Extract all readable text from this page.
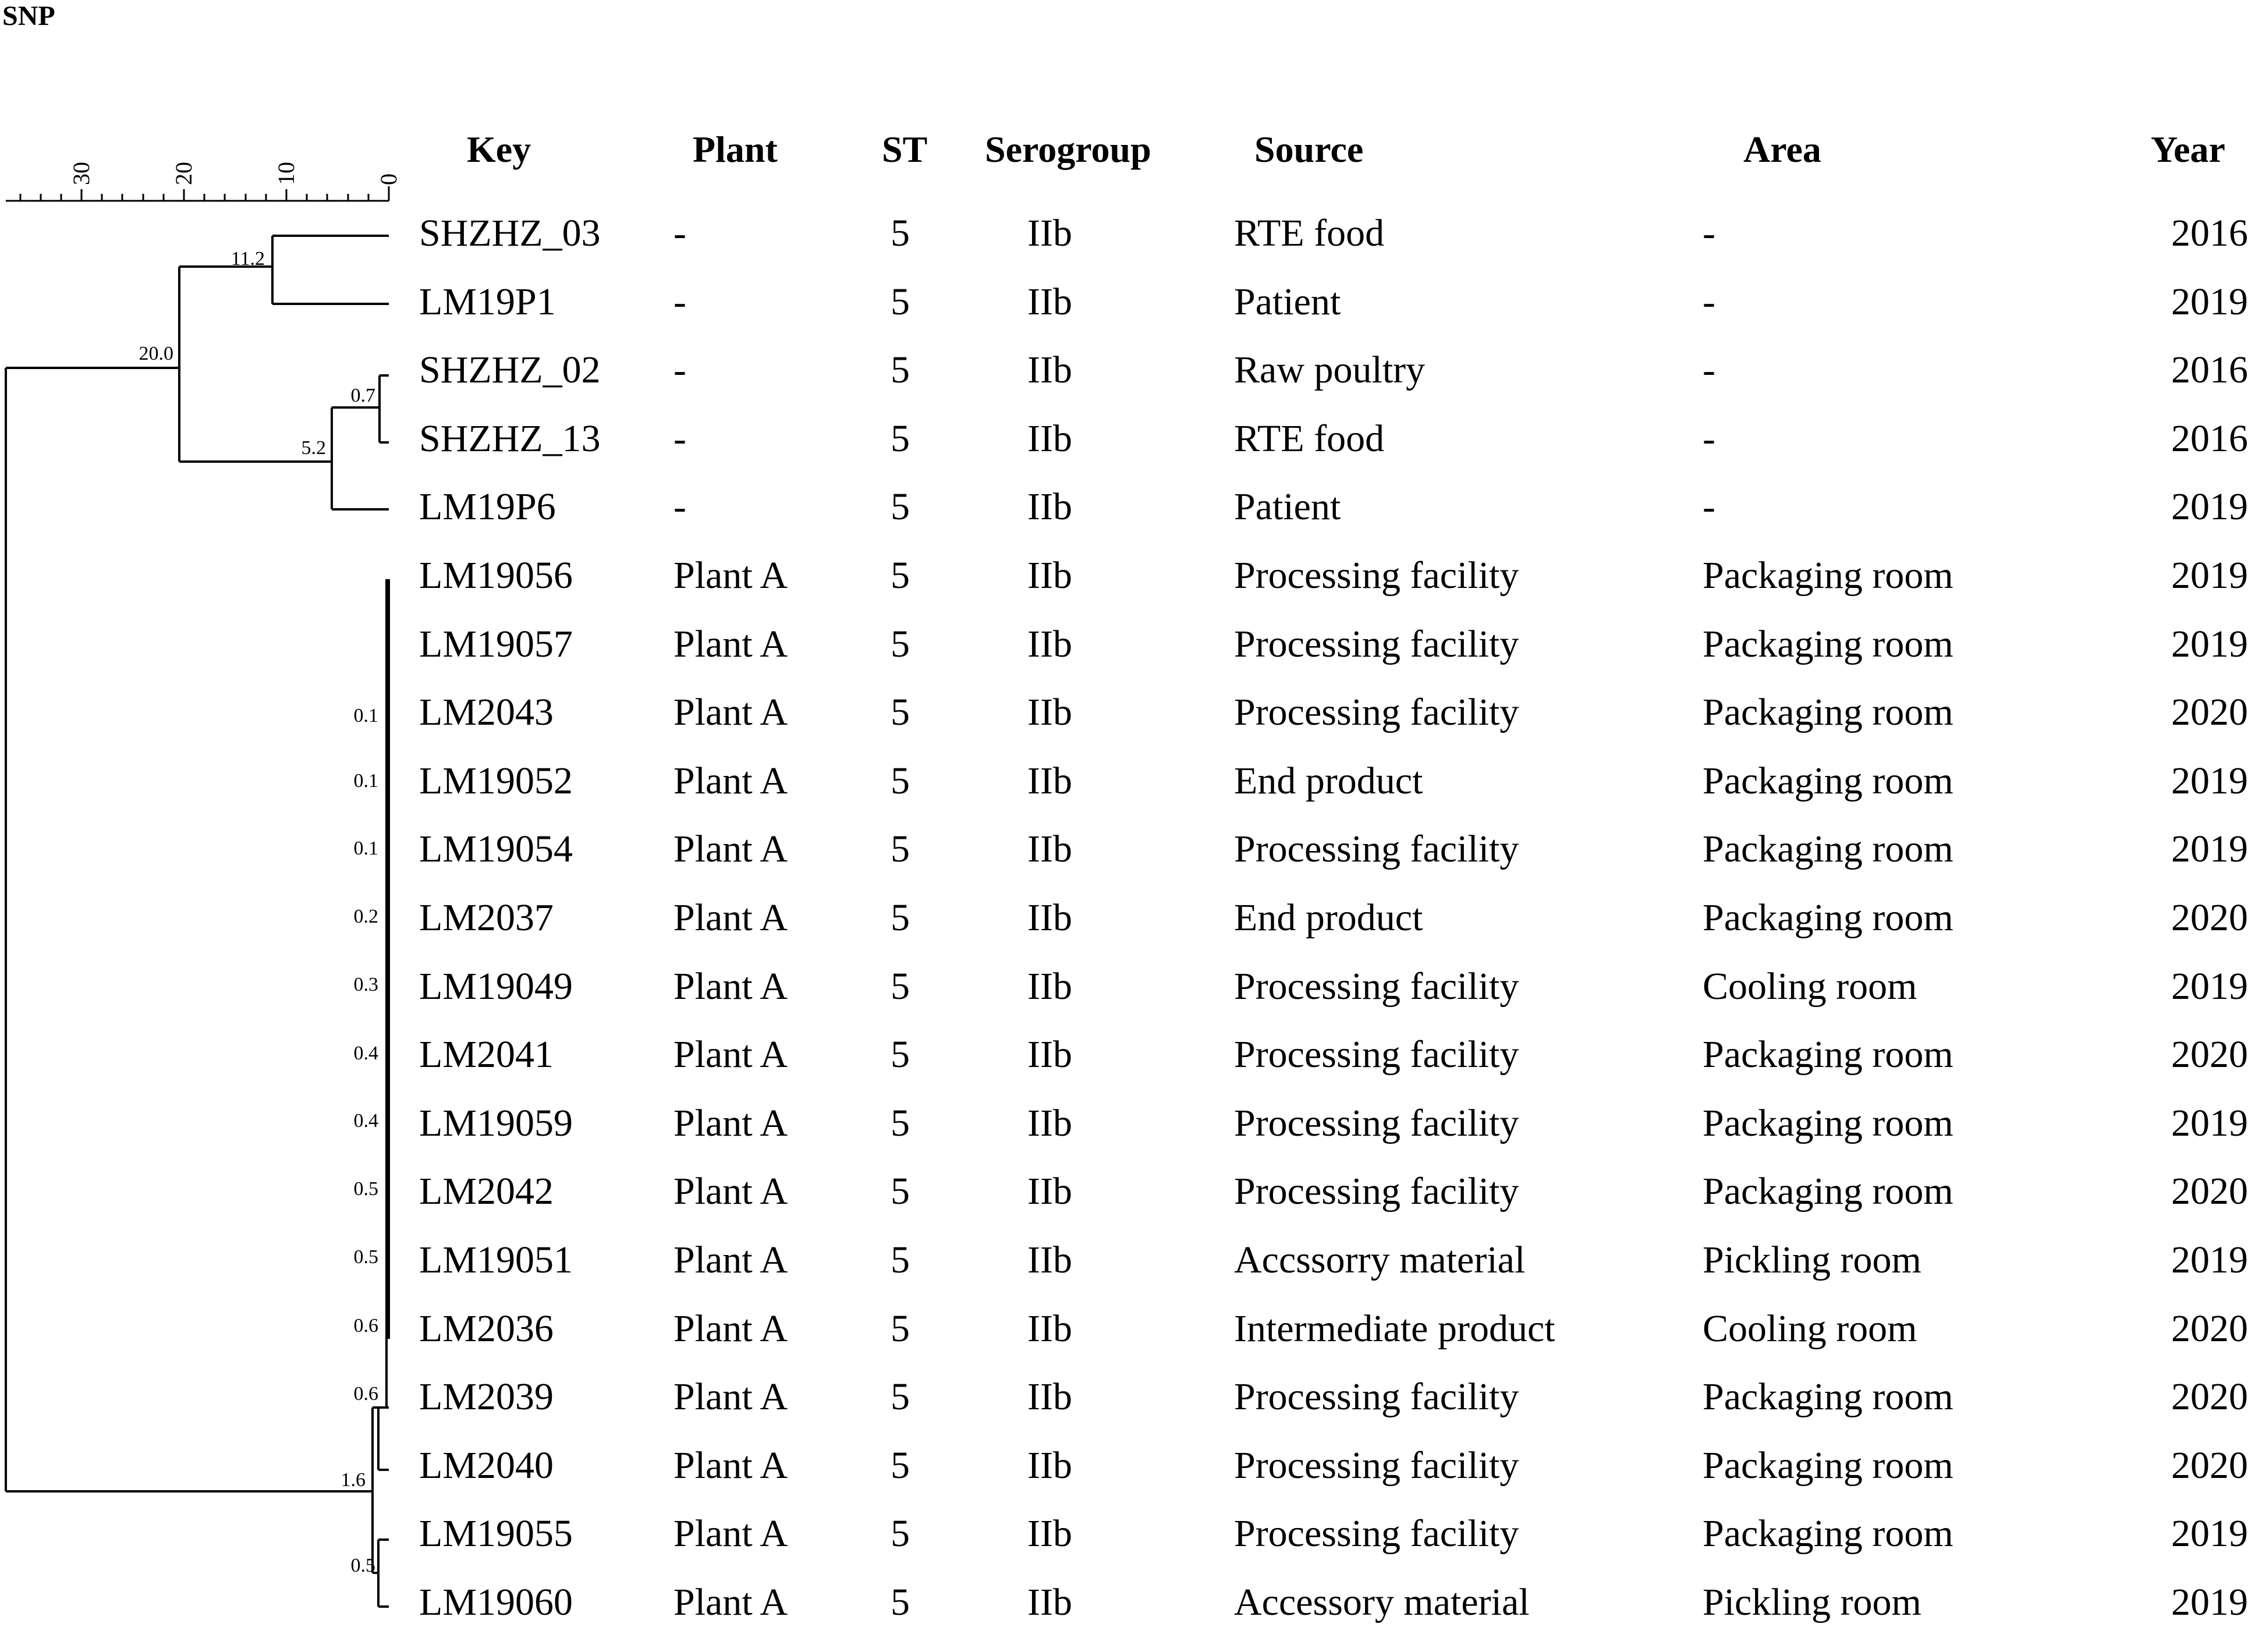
SNP
30	20	10	0
11.2
20.0
0.7
5.2
0.1
0.1
0.1
0.2
0.3
0.4
0.4
0.5
0.5
0.6
0.6
1.6
0.5
Key	Plant	ST Serogroup	Source	Area	Year
SHZHZ_03 -	5	IIb	RTE food	-	2016
LM19P1	-	5	IIb	Patient	-	2019
SHZHZ_02 -	5	IIb	Raw poultry	-	2016
SHZHZ_13 -	5	IIb	RTE food	-	2016
LM19P6	-	5	IIb	Patient	-	2019
LM19056	Plant A	5	IIb	Processing facility	Packaging room	2019
LM19057	Plant A	5	IIb	Processing facility	Packaging room	2019
LM2043	Plant A	5	IIb	Processing facility	Packaging room	2020
LM19052	Plant A	5	IIb	End product	Packaging room	2019
LM19054	Plant A	5	IIb	Processing facility	Packaging room	2019
LM2037	Plant A	5	IIb	End product	Packaging room	2020
LM19049	Plant A	5	IIb	Processing facility	Cooling room	2019
LM2041	Plant A	5	IIb	Processing facility	Packaging room	2020
LM19059	Plant A	5	IIb	Processing facility	Packaging room	2019
LM2042	Plant A	5	IIb	Processing facility	Packaging room	2020
LM19051	Plant A	5	IIb	Accssorry material	Pickling room	2019
LM2036	Plant A	5	IIb	Intermediate product	Cooling room	2020
LM2039	Plant A	5	IIb	Processing facility	Packaging room	2020
LM2040	Plant A	5	IIb	Processing facility	Packaging room	2020
LM19055	Plant A	5	IIb	Processing facility	Packaging room	2019
LM19060	Plant A	5	IIb	Accessory material	Pickling room	2019
